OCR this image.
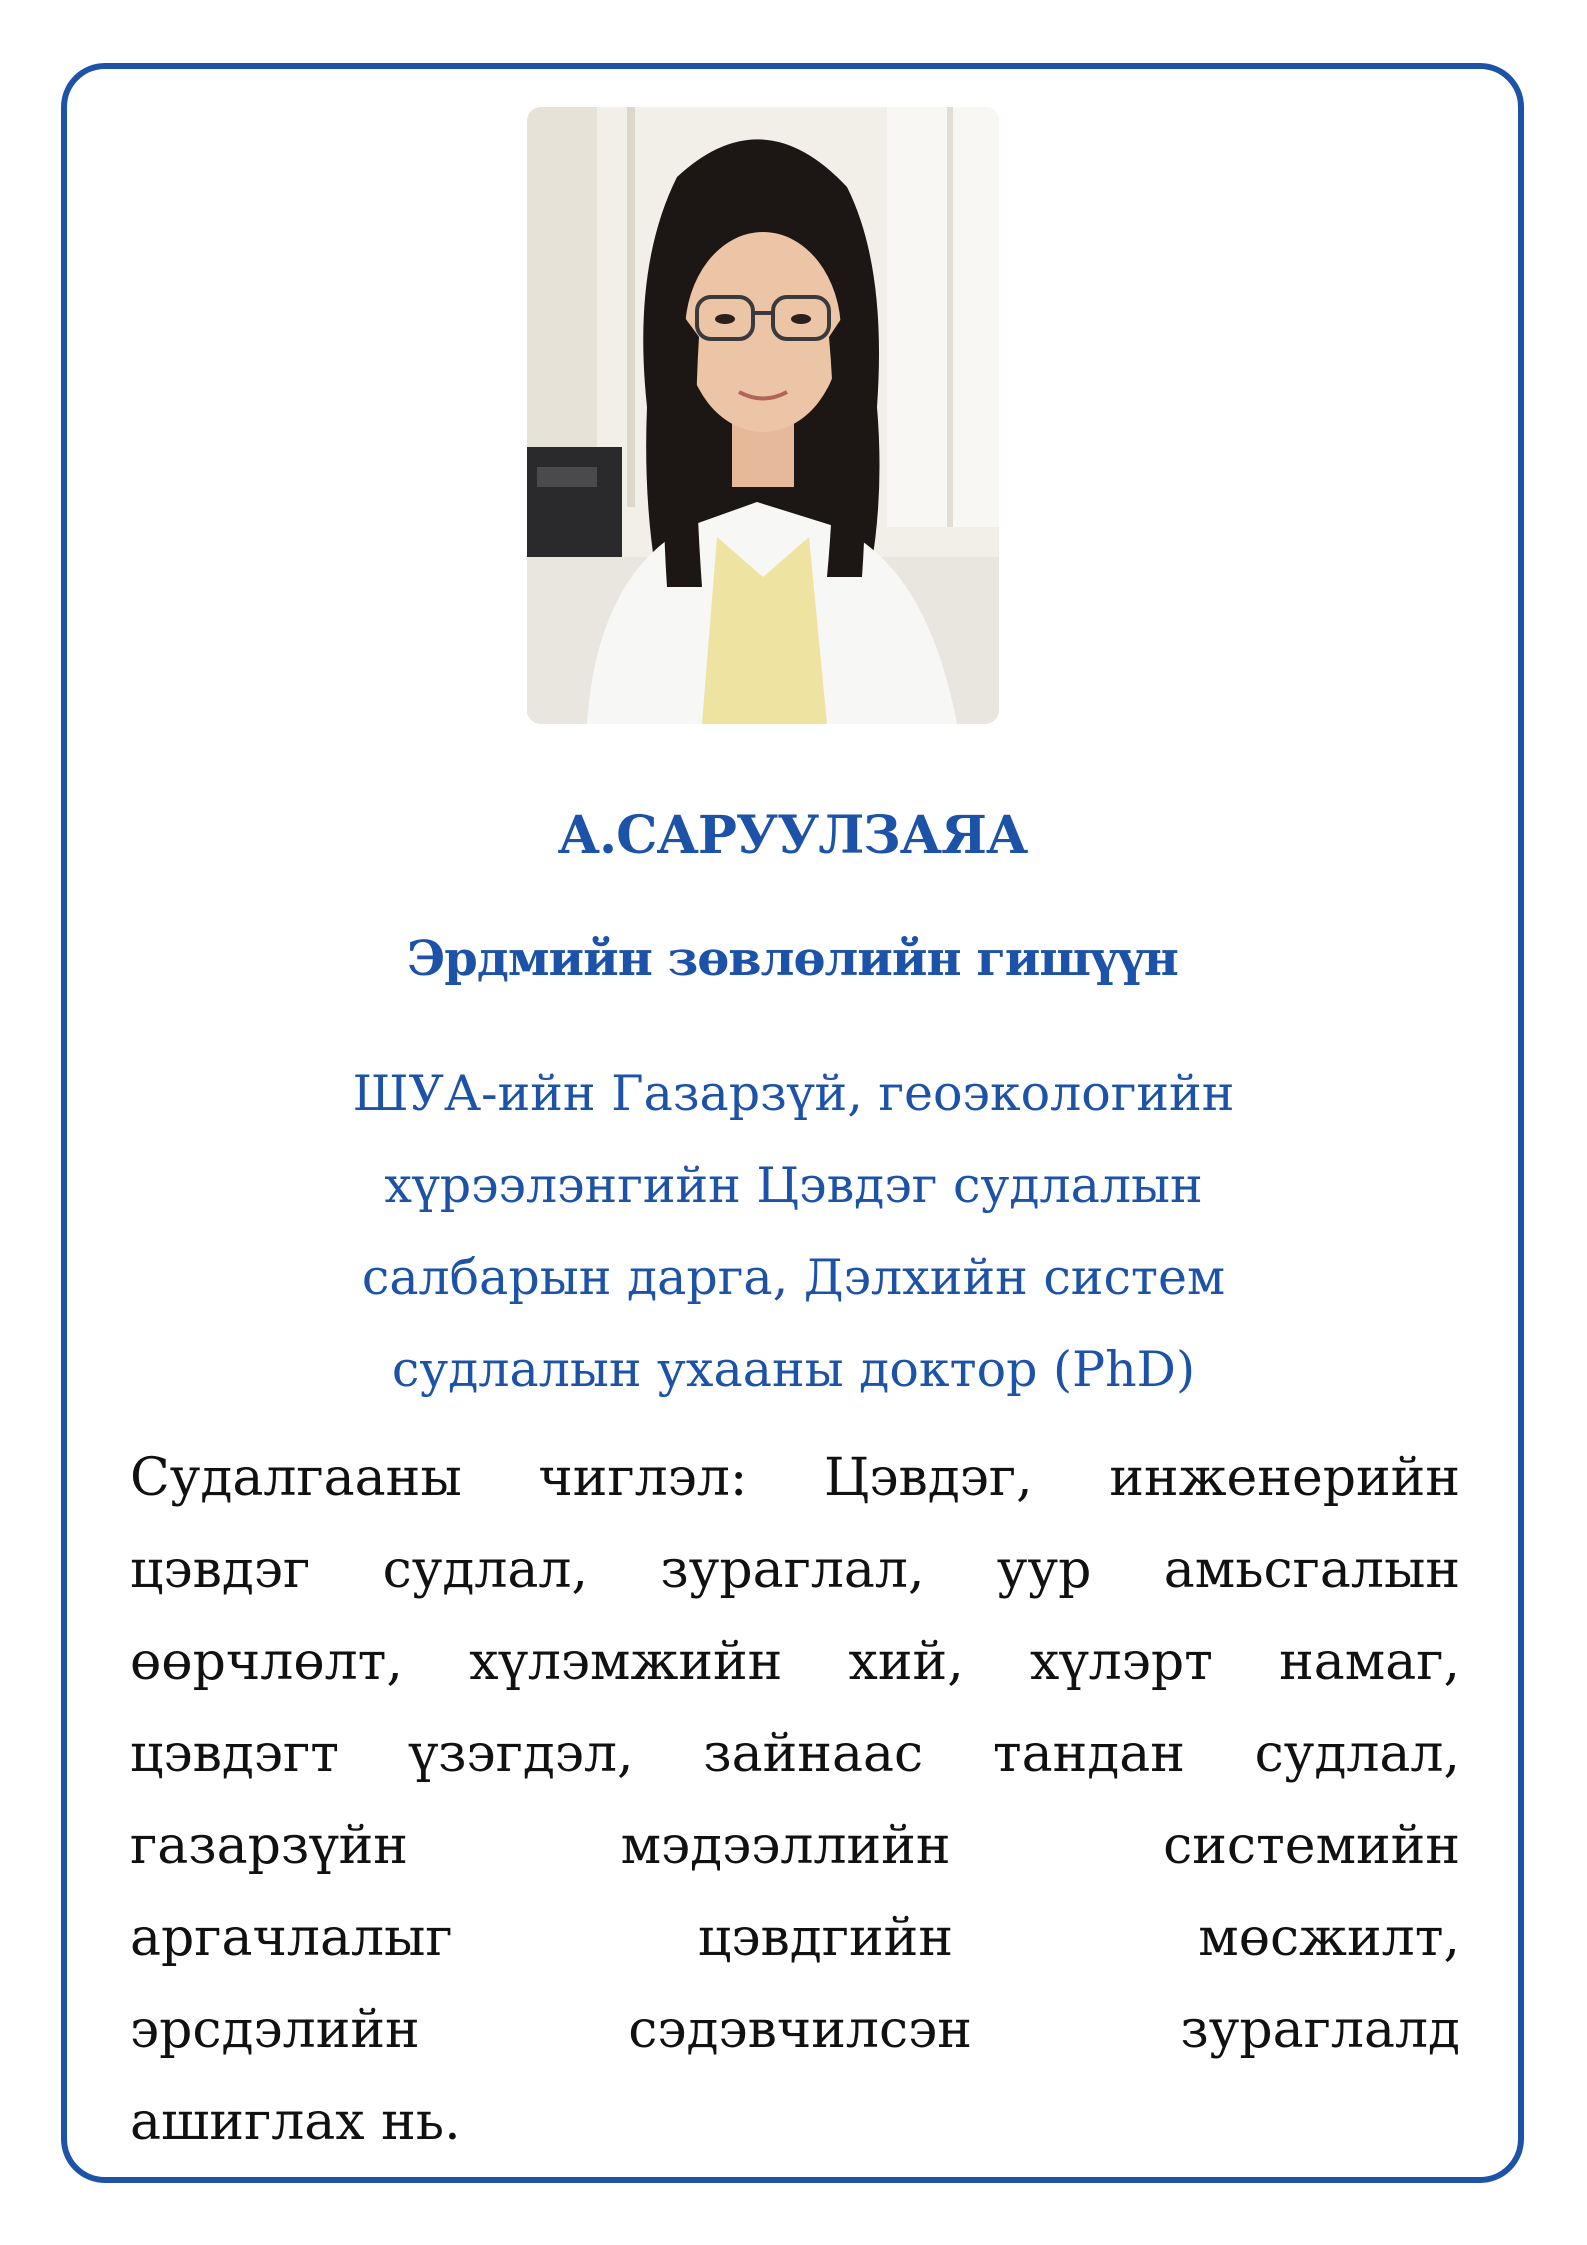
А.САРУУЛЗАЯА
Эрдмийн зөвлөлийн гишүүн
ШУА-ийн Газарзүй, геоэкологийн
хүрээлэнгийн Цэвдэг судлалын
салбарын дарга, Дэлхийн систем
судлалын ухааны доктор (PhD)
Судалгааны чиглэл: Цэвдэг, инженерийн
цэвдэг судлал, зураглал, уур амьсгалын
өөрчлөлт, хүлэмжийн хий, хүлэрт намаг,
цэвдэгт үзэгдэл, зайнаас тандан судлал,
газарзүйн мэдээллийн системийн
аргачлалыг цэвдгийн мөсжилт,
эрсдэлийн сэдэвчилсэн зураглалд
ашиглах нь.
